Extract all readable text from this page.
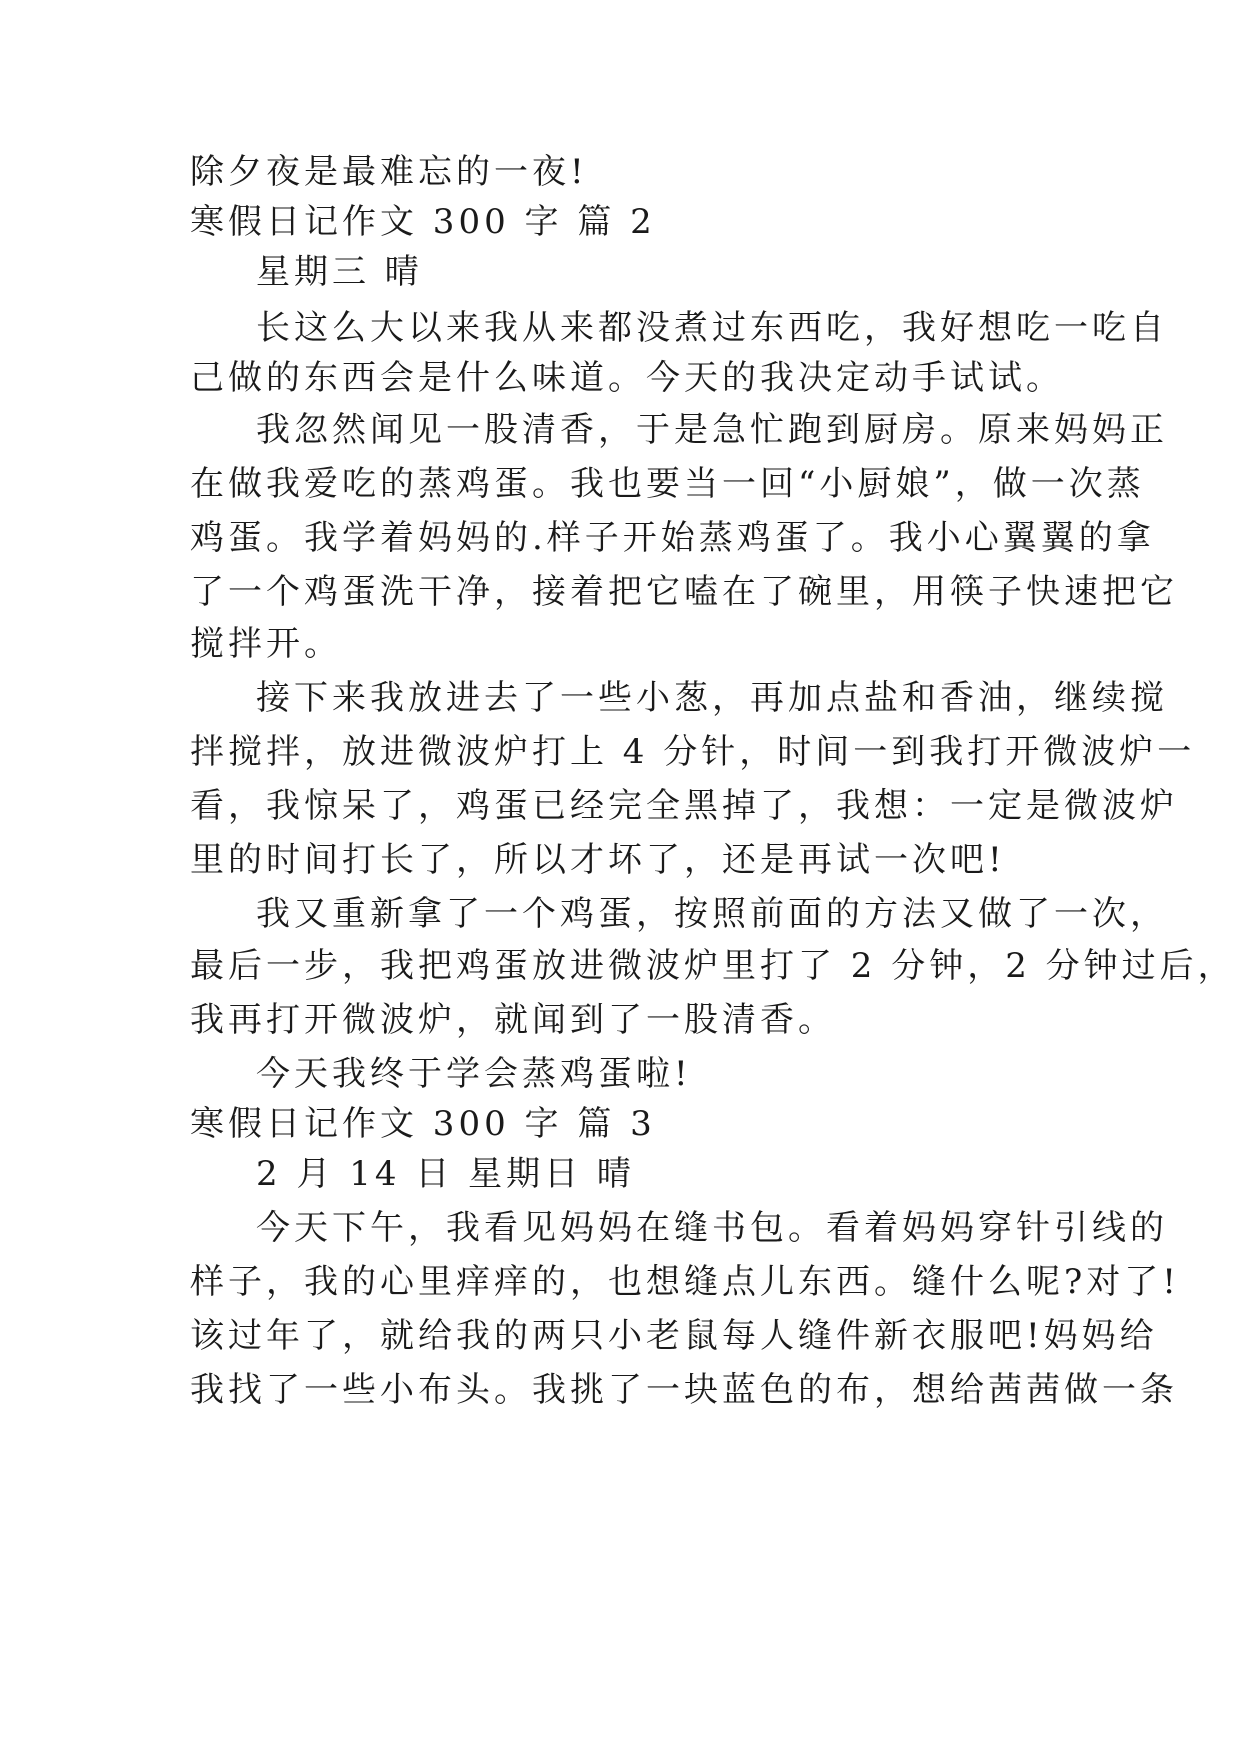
除夕夜是最难忘的一夜!
寒假日记作文 300 字 篇 2
星期三 晴
长这么大以来我从来都没煮过东西吃，我好想吃一吃自
己做的东西会是什么味道。今天的我决定动手试试。
我忽然闻见一股清香，于是急忙跑到厨房。原来妈妈正
在做我爱吃的蒸鸡蛋。我也要当一回“小厨娘”，做一次蒸
鸡蛋。我学着妈妈的.样子开始蒸鸡蛋了。我小心翼翼的拿
了一个鸡蛋洗干净，接着把它嗑在了碗里，用筷子快速把它
搅拌开。
接下来我放进去了一些小葱，再加点盐和香油，继续搅
拌搅拌，放进微波炉打上 4 分针，时间一到我打开微波炉一
看，我惊呆了，鸡蛋已经完全黑掉了，我想：一定是微波炉
里的时间打长了，所以才坏了，还是再试一次吧!
我又重新拿了一个鸡蛋，按照前面的方法又做了一次，
最后一步，我把鸡蛋放进微波炉里打了 2 分钟，2 分钟过后，
我再打开微波炉，就闻到了一股清香。
今天我终于学会蒸鸡蛋啦!
寒假日记作文 300 字 篇 3
2 月 14 日 星期日 晴
今天下午，我看见妈妈在缝书包。看着妈妈穿针引线的
样子，我的心里痒痒的，也想缝点儿东西。缝什么呢?对了!
该过年了，就给我的两只小老鼠每人缝件新衣服吧!妈妈给
我找了一些小布头。我挑了一块蓝色的布，想给茜茜做一条
